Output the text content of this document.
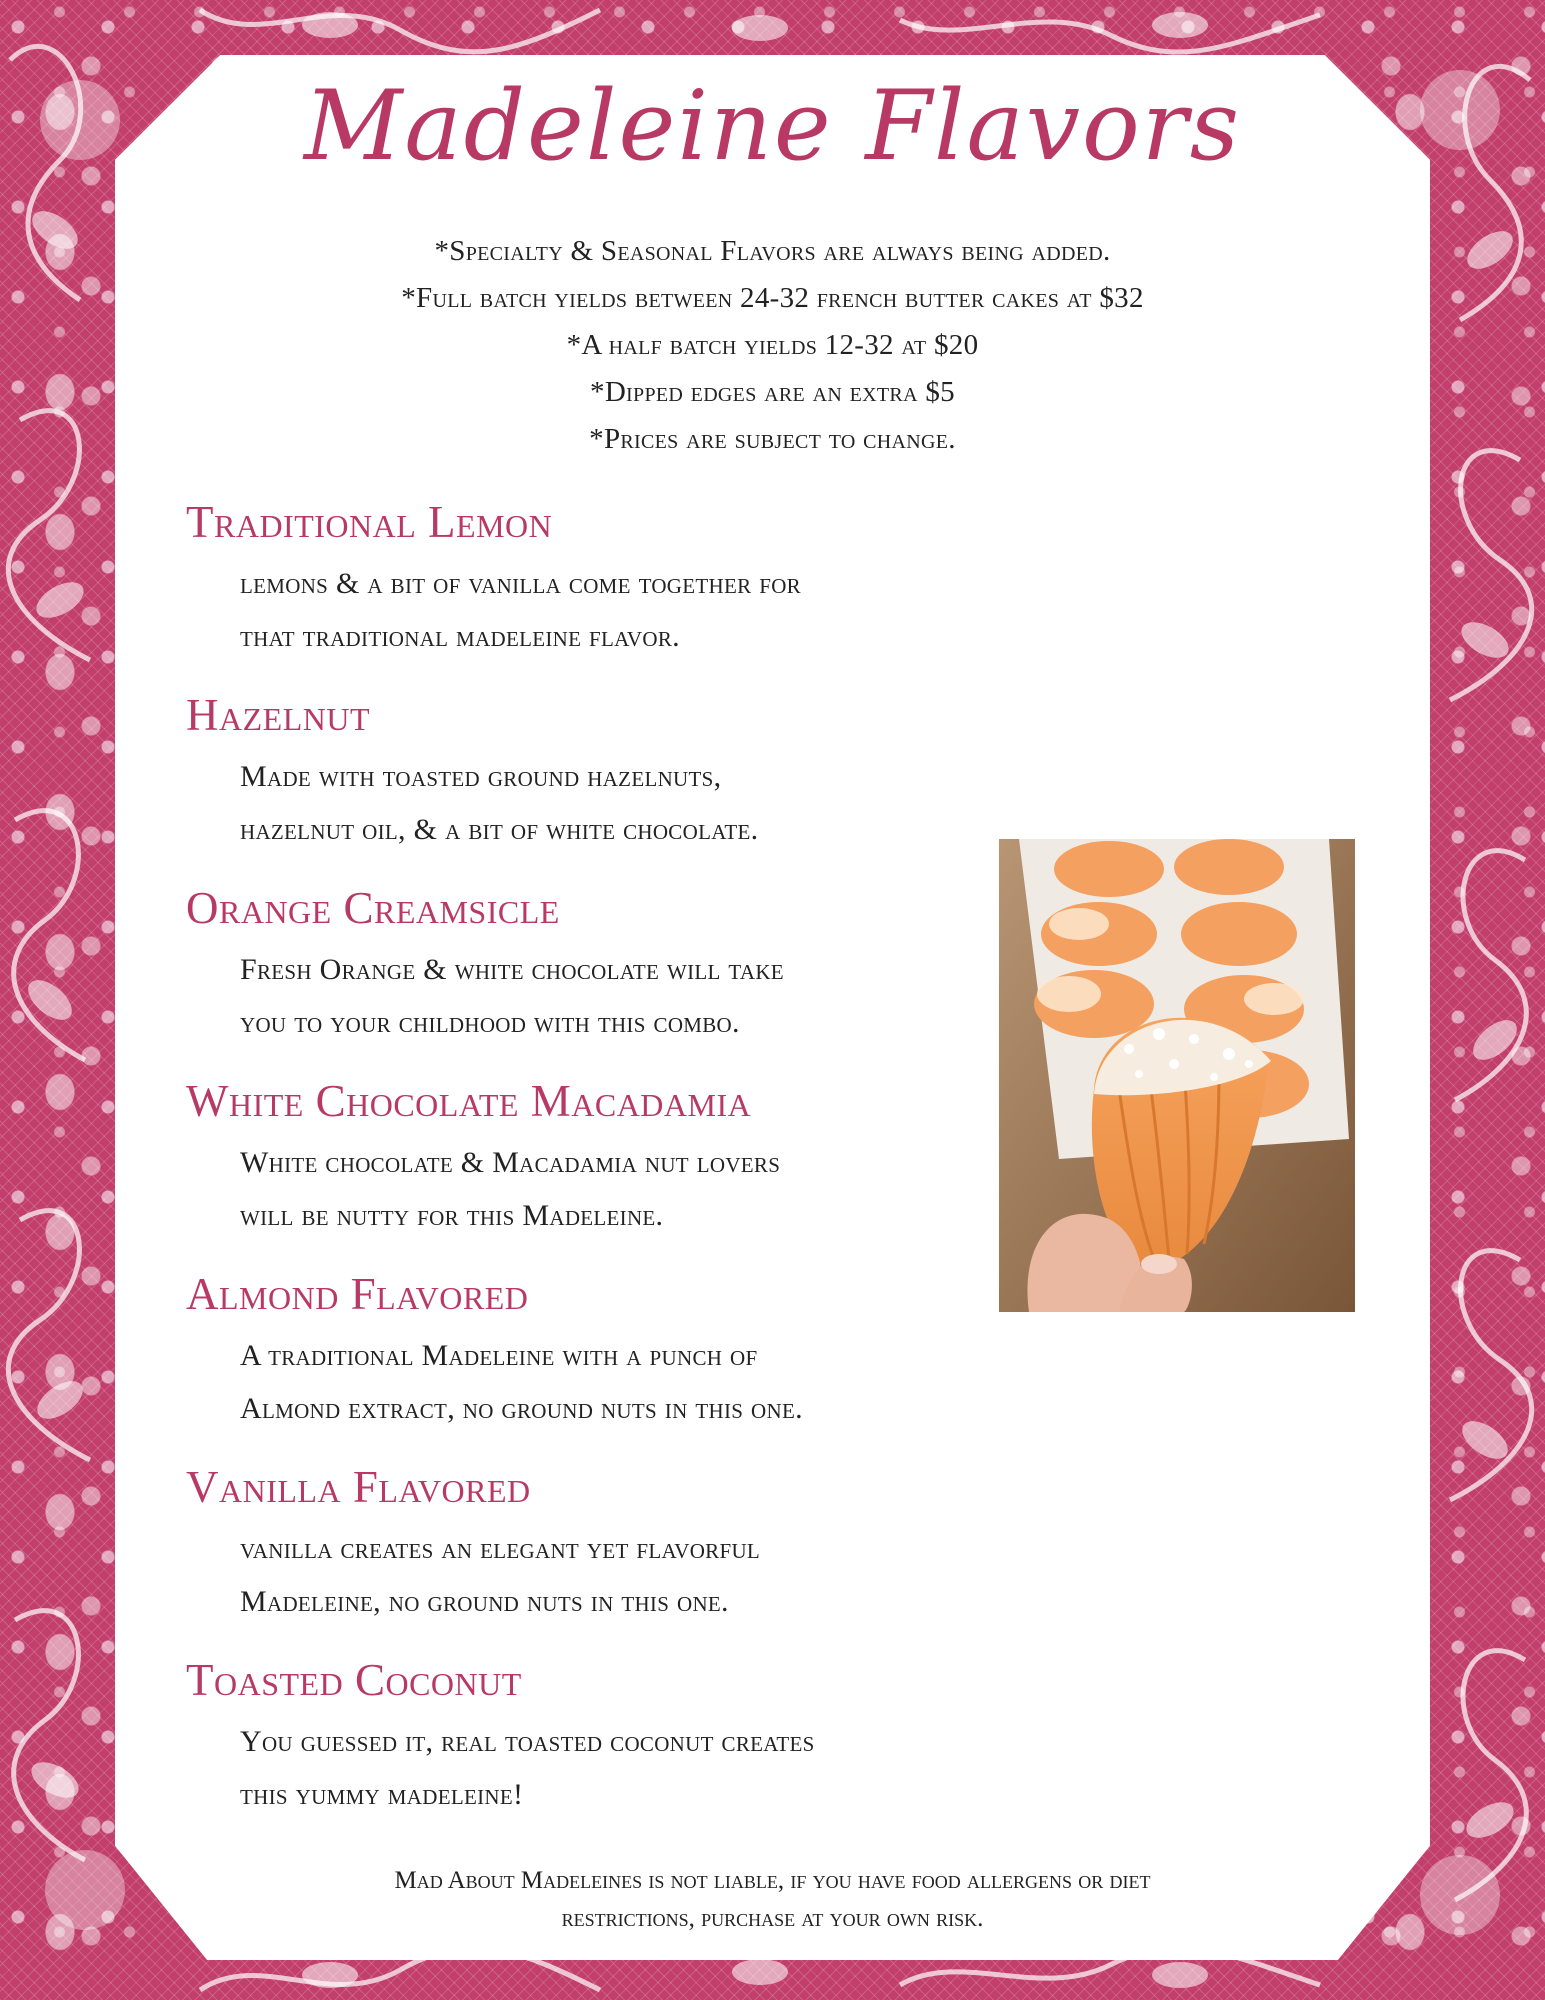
Madeleine Flavors
*Specialty & Seasonal Flavors are always being added.
*Full batch yields between 24-32 french butter cakes at $32
*A half batch yields 12-32 at $20
*Dipped edges are an extra $5
*Prices are subject to change.
Traditional Lemon
lemons & a bit of vanilla come together for
that traditional madeleine flavor.
Hazelnut
Made with toasted ground hazelnuts,
hazelnut oil, & a bit of white chocolate.
Orange Creamsicle
Fresh Orange & white chocolate will take
you to your childhood with this combo.
White Chocolate Macadamia
White chocolate & Macadamia nut lovers
will be nutty for this Madeleine.
Almond Flavored
A traditional Madeleine with a punch of
Almond extract, no ground nuts in this one.
Vanilla Flavored
vanilla creates an elegant yet flavorful
Madeleine, no ground nuts in this one.
Toasted Coconut
You guessed it, real toasted coconut creates
this yummy madeleine!
Mad About Madeleines is not liable, if you have food allergens or diet
restrictions, purchase at your own risk.
